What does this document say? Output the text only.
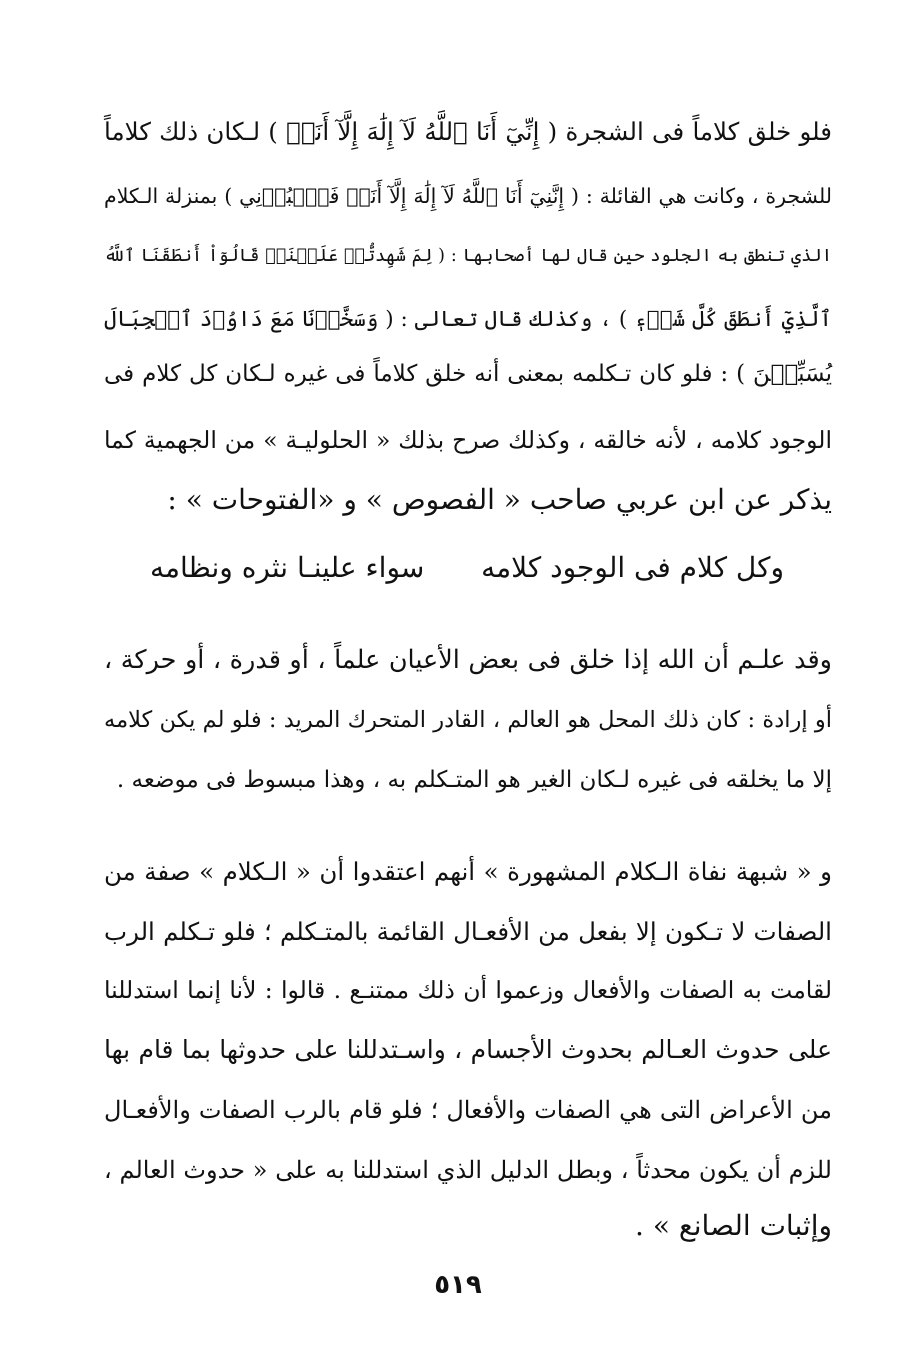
فلو خلق كلاماً فى الشجرة ( إِنِّيٓ أَنَا ٱللَّهُ لَآ إِلَٰهَ إِلَّآ أَنَا۠ ) لـكان ذلك كلاماً
للشجرة ، وكانت هي القائلة : ( إِنَّنِيٓ أَنَا ٱللَّهُ لَآ إِلَٰهَ إِلَّآ أَنَا۠ فَٱعۡبُدۡنِي ) بمنزلة الـكلام
الذي تنطق به الجلود حين قال لها أصحابها : ( لِمَ شَهِدتُّمۡ عَلَيۡنَاۖ قَالُوٓاْ أَنطَقَنَا ٱللَّهُ
ٱلَّذِيٓ أَنطَقَ كُلَّ شَيۡءٖ ) ، وكذلك قال تعالى : ( وَسَخَّرۡنَا مَعَ دَاوُۥدَ ٱلۡجِبَالَ
يُسَبِّحۡنَ ) : فلو كان تـكلمه بمعنى أنه خلق كلاماً فى غيره لـكان كل كلام فى
الوجود كلامه ، لأنه خالقه ، وكذلك صرح بذلك « الحلوليـة » من الجهمية كما
يذكر عن ابن عربي صاحب « الفصوص » و «الفتوحات » :
وكل كلام فى الوجود كلامه
سواء علينـا نثره ونظامه
وقد علـم أن الله إذا خلق فى بعض الأعيان علماً ، أو قدرة ، أو حركة ،
أو إرادة : كان ذلك المحل هو العالم ، القادر المتحرك المريد : فلو لم يكن كلامه
إلا ما يخلقه فى غيره لـكان الغير هو المتـكلم به ، وهذا مبسوط فى موضعه .
و « شبهة نفاة الـكلام المشهورة » أنهم اعتقدوا أن « الـكلام » صفة من
الصفات لا تـكون إلا بفعل من الأفعـال القائمة بالمتـكلم ؛ فلو تـكلم الرب
لقامت به الصفات والأفعال وزعموا أن ذلك ممتنـع . قالوا : لأنا إنما استدللنا
على حدوث العـالم بحدوث الأجسام ، واسـتدللنا على حدوثها بما قام بها
من الأعراض التى هي الصفات والأفعال ؛ فلو قام بالرب الصفات والأفعـال
للزم أن يكون محدثاً ، وبطل الدليل الذي استدللنا به على « حدوث العالم ،
وإثبات الصانع » .
٥١٩
